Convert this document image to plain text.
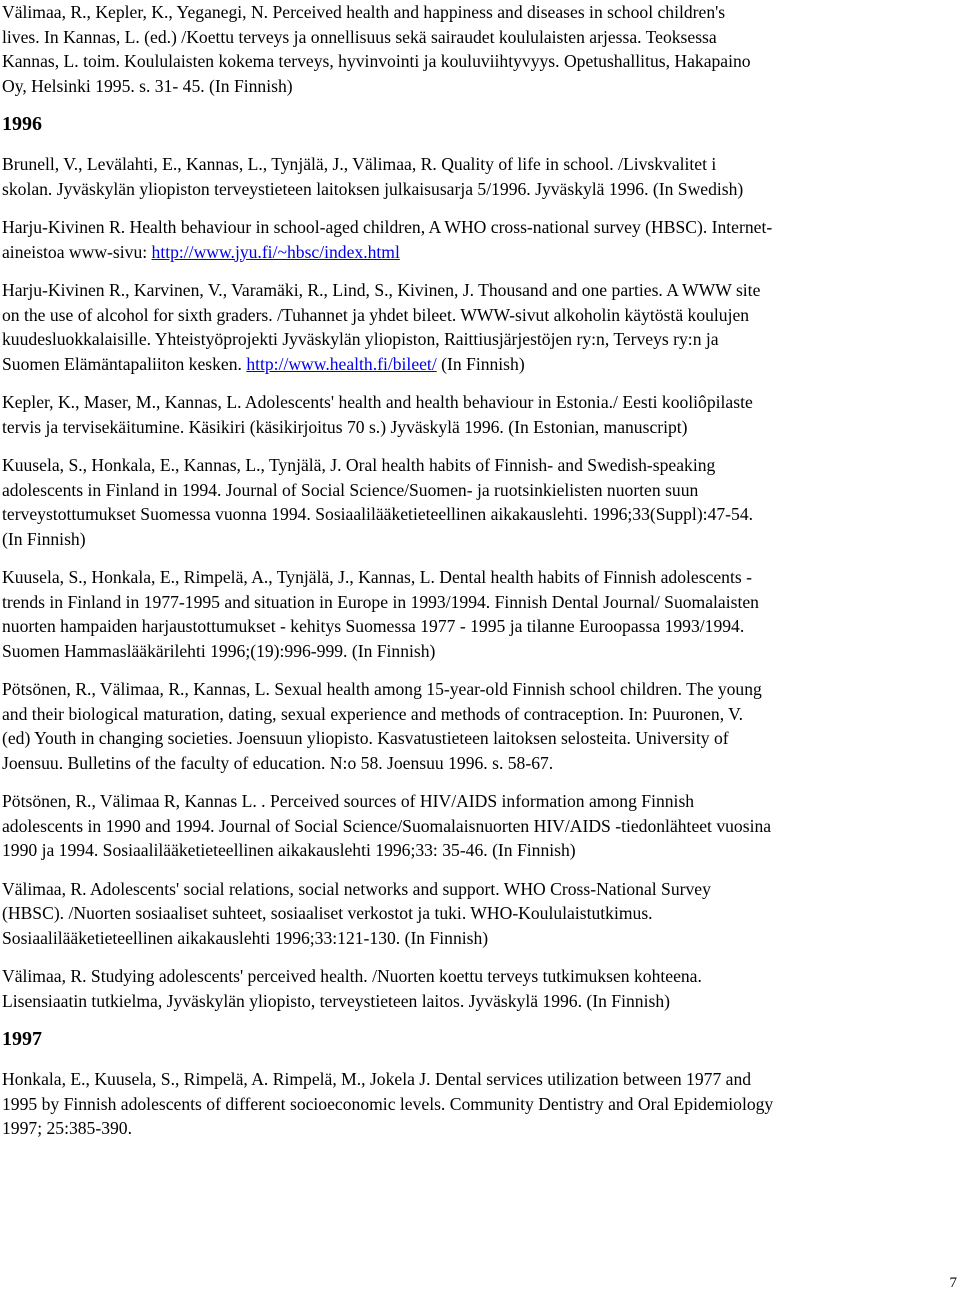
Välimaa, R., Kepler, K., Yeganegi, N. Perceived health and happiness and diseases in school children's
lives. In Kannas, L. (ed.) /Koettu terveys ja onnellisuus sekä sairaudet koululaisten arjessa. Teoksessa
Kannas, L. toim. Koululaisten kokema terveys, hyvinvointi ja kouluviihtyvyys. Opetushallitus, Hakapaino
Oy, Helsinki 1995. s. 31- 45. (In Finnish)
1996
Brunell, V., Levälahti, E., Kannas, L., Tynjälä, J., Välimaa, R. Quality of life in school. /Livskvalitet i
skolan. Jyväskylän yliopiston terveystieteen laitoksen julkaisusarja 5/1996. Jyväskylä 1996. (In Swedish)
Harju-Kivinen R. Health behaviour in school-aged children, A WHO cross-national survey (HBSC). Internet-
aineistoa www-sivu: http://www.jyu.fi/~hbsc/index.html
Harju-Kivinen R., Karvinen, V., Varamäki, R., Lind, S., Kivinen, J. Thousand and one parties. A WWW site
on the use of alcohol for sixth graders. /Tuhannet ja yhdet bileet. WWW-sivut alkoholin käytöstä koulujen
kuudesluokkalaisille. Yhteistyöprojekti Jyväskylän yliopiston, Raittiusjärjestöjen ry:n, Terveys ry:n ja
Suomen Elämäntapaliiton kesken. http://www.health.fi/bileet/ (In Finnish)
Kepler, K., Maser, M., Kannas, L. Adolescents' health and health behaviour in Estonia./ Eesti kooliôpilaste
tervis ja tervisekäitumine. Käsikiri (käsikirjoitus 70 s.) Jyväskylä 1996. (In Estonian, manuscript)
Kuusela, S., Honkala, E., Kannas, L., Tynjälä, J. Oral health habits of Finnish- and Swedish-speaking
adolescents in Finland in 1994. Journal of Social Science/Suomen- ja ruotsinkielisten nuorten suun
terveystottumukset Suomessa vuonna 1994. Sosiaalilääketieteellinen aikakauslehti. 1996;33(Suppl):47-54.
(In Finnish)
Kuusela, S., Honkala, E., Rimpelä, A., Tynjälä, J., Kannas, L. Dental health habits of Finnish adolescents -
trends in Finland in 1977-1995 and situation in Europe in 1993/1994. Finnish Dental Journal/ Suomalaisten
nuorten hampaiden harjaustottumukset - kehitys Suomessa 1977 - 1995 ja tilanne Euroopassa 1993/1994.
Suomen Hammaslääkärilehti 1996;(19):996-999. (In Finnish)
Pötsönen, R., Välimaa, R., Kannas, L. Sexual health among 15-year-old Finnish school children. The young
and their biological maturation, dating, sexual experience and methods of contraception. In: Puuronen, V.
(ed) Youth in changing societies. Joensuun yliopisto. Kasvatustieteen laitoksen selosteita. University of
Joensuu. Bulletins of the faculty of education. N:o 58. Joensuu 1996. s. 58-67.
Pötsönen, R., Välimaa R, Kannas L. . Perceived sources of HIV/AIDS information among Finnish
adolescents in 1990 and 1994. Journal of Social Science/Suomalaisnuorten HIV/AIDS -tiedonlähteet vuosina
1990 ja 1994. Sosiaalilääketieteellinen aikakauslehti 1996;33: 35-46. (In Finnish)
Välimaa, R. Adolescents' social relations, social networks and support. WHO Cross-National Survey
(HBSC). /Nuorten sosiaaliset suhteet, sosiaaliset verkostot ja tuki. WHO-Koululaistutkimus.
Sosiaalilääketieteellinen aikakauslehti 1996;33:121-130. (In Finnish)
Välimaa, R. Studying adolescents' perceived health. /Nuorten koettu terveys tutkimuksen kohteena.
Lisensiaatin tutkielma, Jyväskylän yliopisto, terveystieteen laitos. Jyväskylä 1996. (In Finnish)
1997
Honkala, E., Kuusela, S., Rimpelä, A. Rimpelä, M., Jokela J. Dental services utilization between 1977 and
1995 by Finnish adolescents of different socioeconomic levels. Community Dentistry and Oral Epidemiology
1997; 25:385-390.
7
